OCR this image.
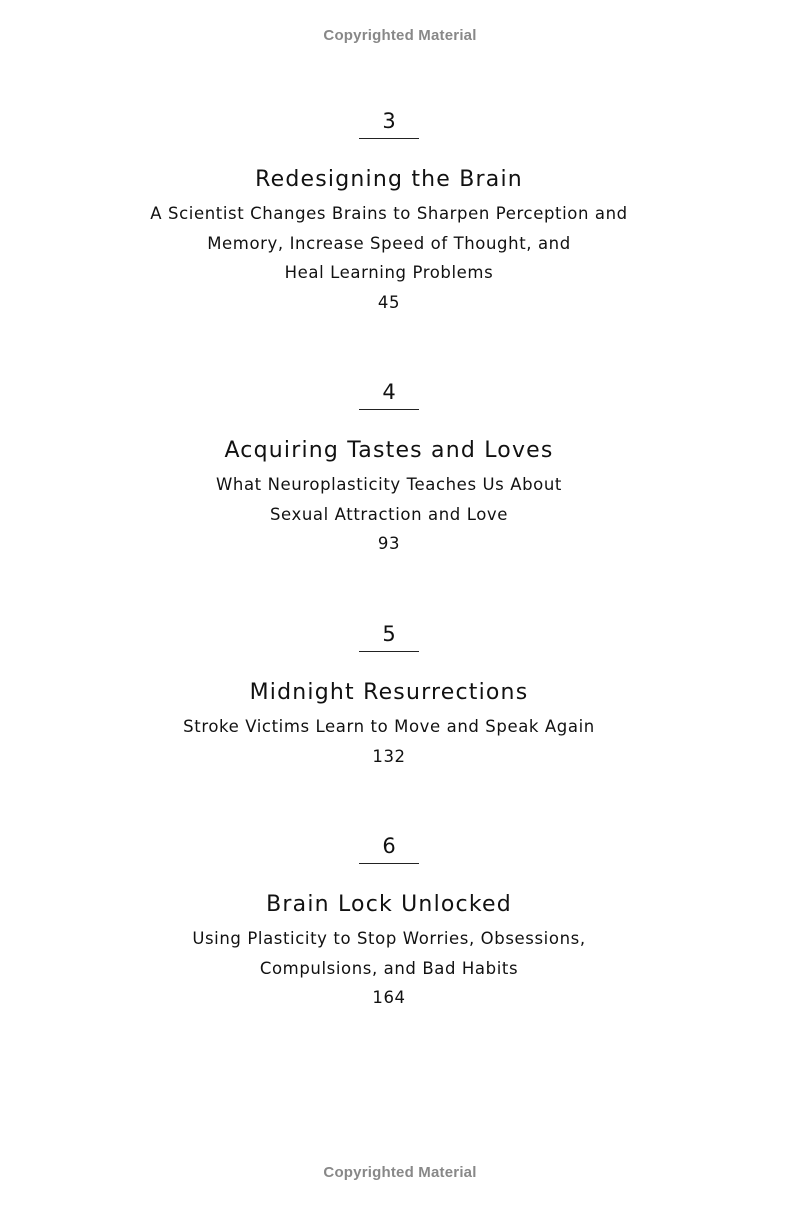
Copyrighted Material
3
Redesigning the Brain
A Scientist Changes Brains to Sharpen Perception and
Memory, Increase Speed of Thought, and
Heal Learning Problems
45
4
Acquiring Tastes and Loves
What Neuroplasticity Teaches Us About
Sexual Attraction and Love
93
5
Midnight Resurrections
Stroke Victims Learn to Move and Speak Again
132
6
Brain Lock Unlocked
Using Plasticity to Stop Worries, Obsessions,
Compulsions, and Bad Habits
164
Copyrighted Material
